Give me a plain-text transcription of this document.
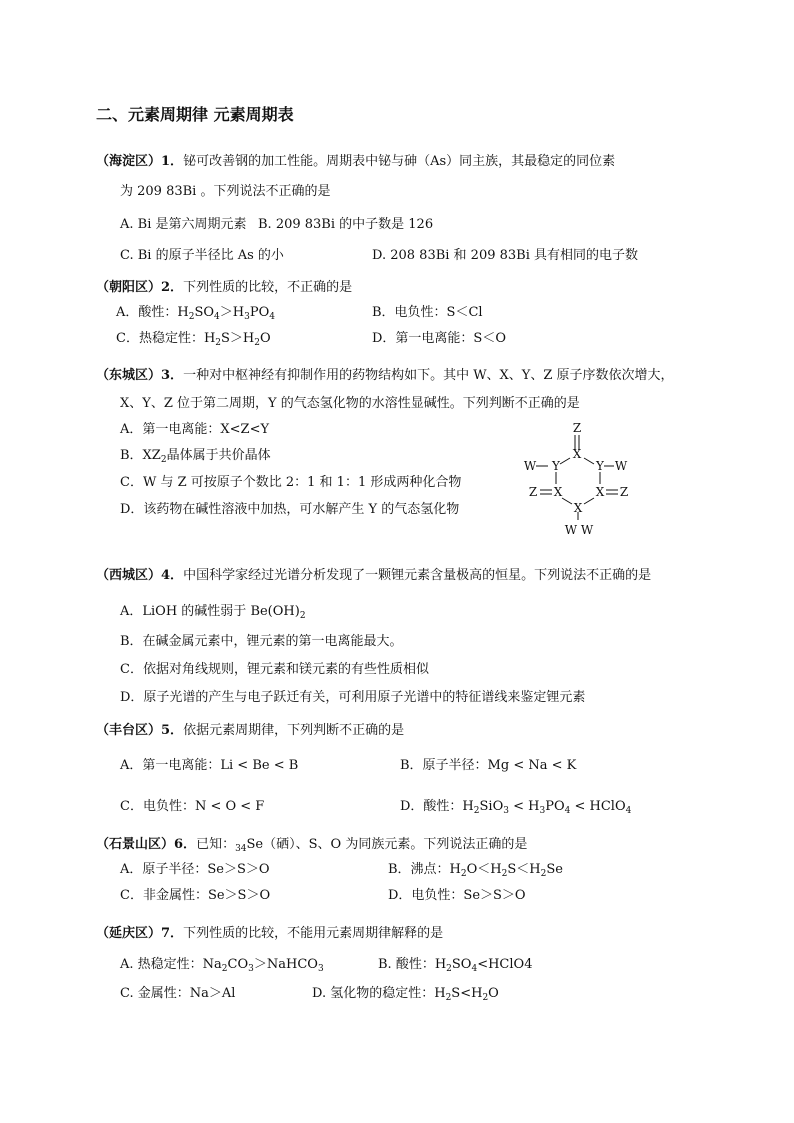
二、元素周期律 元素周期表
（海淀区）1．铋可改善钢的加工性能。周期表中铋与砷（As）同主族，其最稳定的同位素
为 209 83Bi 。下列说法不正确的是
A. Bi 是第六周期元素 B. 209 83Bi 的中子数是 126
C. Bi 的原子半径比 As 的小	D. 208 83Bi 和 209 83Bi 具有相同的电子数
（朝阳区）2．下列性质的比较，不正确的是
A．酸性：$H_2SO_4>H_3PO_4$	B．电负性：S＜Cl
C．热稳定性：$H_2S>H_2O$	D．第一电离能：S＜O
（东城区）3．一种对中枢神经有抑制作用的药物结构如下。其中 W、X、Y、Z 原子序数依次增大，
X、Y、Z 位于第二周期，Y 的气态氢化物的水溶性显碱性。下列判断不正确的是
A．第一电离能：X<Z<Y
B．$XZ_2$晶体属于共价晶体
C．W 与 Z 可按原子个数比 2：1 和 1：1 形成两种化合物
D．该药物在碱性溶液中加热，可水解产生 Y 的气态氢化物
Z
X
Y	Y
W	W
X	X
Z	Z
X
W W
（西城区）4．中国科学家经过光谱分析发现了一颗锂元素含量极高的恒星。下列说法不正确的是
A．LiOH 的碱性弱于 $Be(OH)_2$
B．在碱金属元素中，锂元素的第一电离能最大。
C．依据对角线规则，锂元素和镁元素的有些性质相似
D．原子光谱的产生与电子跃迁有关，可利用原子光谱中的特征谱线来鉴定锂元素
（丰台区）5．依据元素周期律，下列判断不正确的是
A．第一电离能：Li < Be < B	B．原子半径：Mg < Na < K
C．电负性：N < O < F	D．酸性：$H_2SiO_3 < H_3PO_4$ < HClO$_4$
（石景山区）6．已知：$_{34}$Se（硒）、S、O 为同族元素。下列说法正确的是
A．原子半径：Se＞S＞O	B．沸点：$H_2O<H_2S<H_2Se$
C．非金属性：Se＞S＞O	D．电负性：Se＞S＞O
（延庆区）7．下列性质的比较，不能用元素周期律解释的是
A. 热稳定性：$Na_2CO_3>NaHCO_3$	B. 酸性：$H_2SO_4<HClO4$
C. 金属性：Na＞Al	D. 氢化物的稳定性：$H_2S<H_2O$
